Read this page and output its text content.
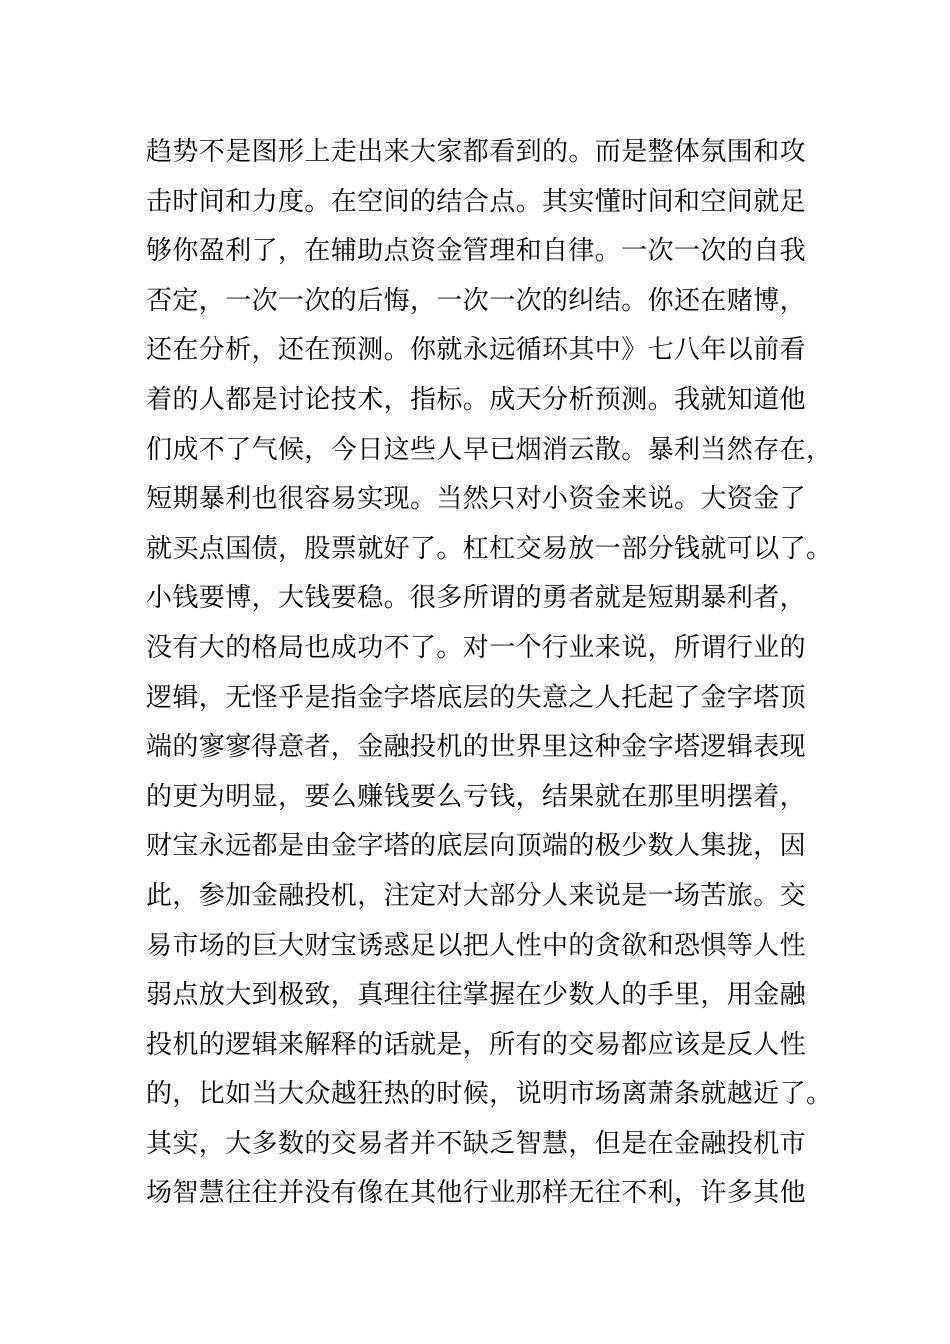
趋势不是图形上走出来大家都看到的。而是整体氛围和攻
击时间和力度。在空间的结合点。其实懂时间和空间就足
够你盈利了，在辅助点资金管理和自律。一次一次的自我
否定，一次一次的后悔，一次一次的纠结。你还在赌博，
还在分析，还在预测。你就永远循环其中》七八年以前看
着的人都是讨论技术，指标。成天分析预测。我就知道他
们成不了气候，今日这些人早已烟消云散。暴利当然存在，
短期暴利也很容易实现。当然只对小资金来说。大资金了
就买点国债，股票就好了。杠杠交易放一部分钱就可以了。
小钱要博，大钱要稳。很多所谓的勇者就是短期暴利者，
没有大的格局也成功不了。对一个行业来说，所谓行业的
逻辑，无怪乎是指金字塔底层的失意之人托起了金字塔顶
端的寥寥得意者，金融投机的世界里这种金字塔逻辑表现
的更为明显，要么赚钱要么亏钱，结果就在那里明摆着，
财宝永远都是由金字塔的底层向顶端的极少数人集拢，因
此，参加金融投机，注定对大部分人来说是一场苦旅。交
易市场的巨大财宝诱惑足以把人性中的贪欲和恐惧等人性
弱点放大到极致，真理往往掌握在少数人的手里，用金融
投机的逻辑来解释的话就是，所有的交易都应该是反人性
的，比如当大众越狂热的时候，说明市场离萧条就越近了。
其实，大多数的交易者并不缺乏智慧，但是在金融投机市
场智慧往往并没有像在其他行业那样无往不利，许多其他
